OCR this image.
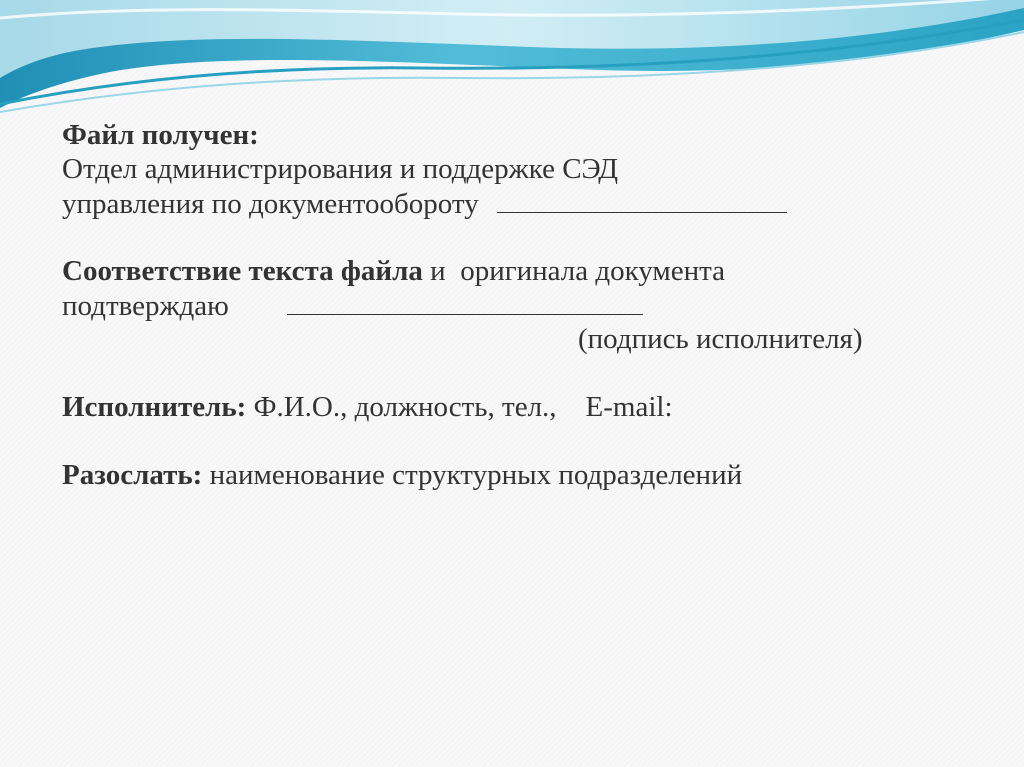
Файл получен:
Отдел администрирования и поддержке СЭД
управления по документообороту
Соответствие текста файла и  оригинала документа
подтверждаю
(подпись исполнителя)
Исполнитель: Ф.И.О., должность, тел.,    E-mail:
Разослать: наименование структурных подразделений
